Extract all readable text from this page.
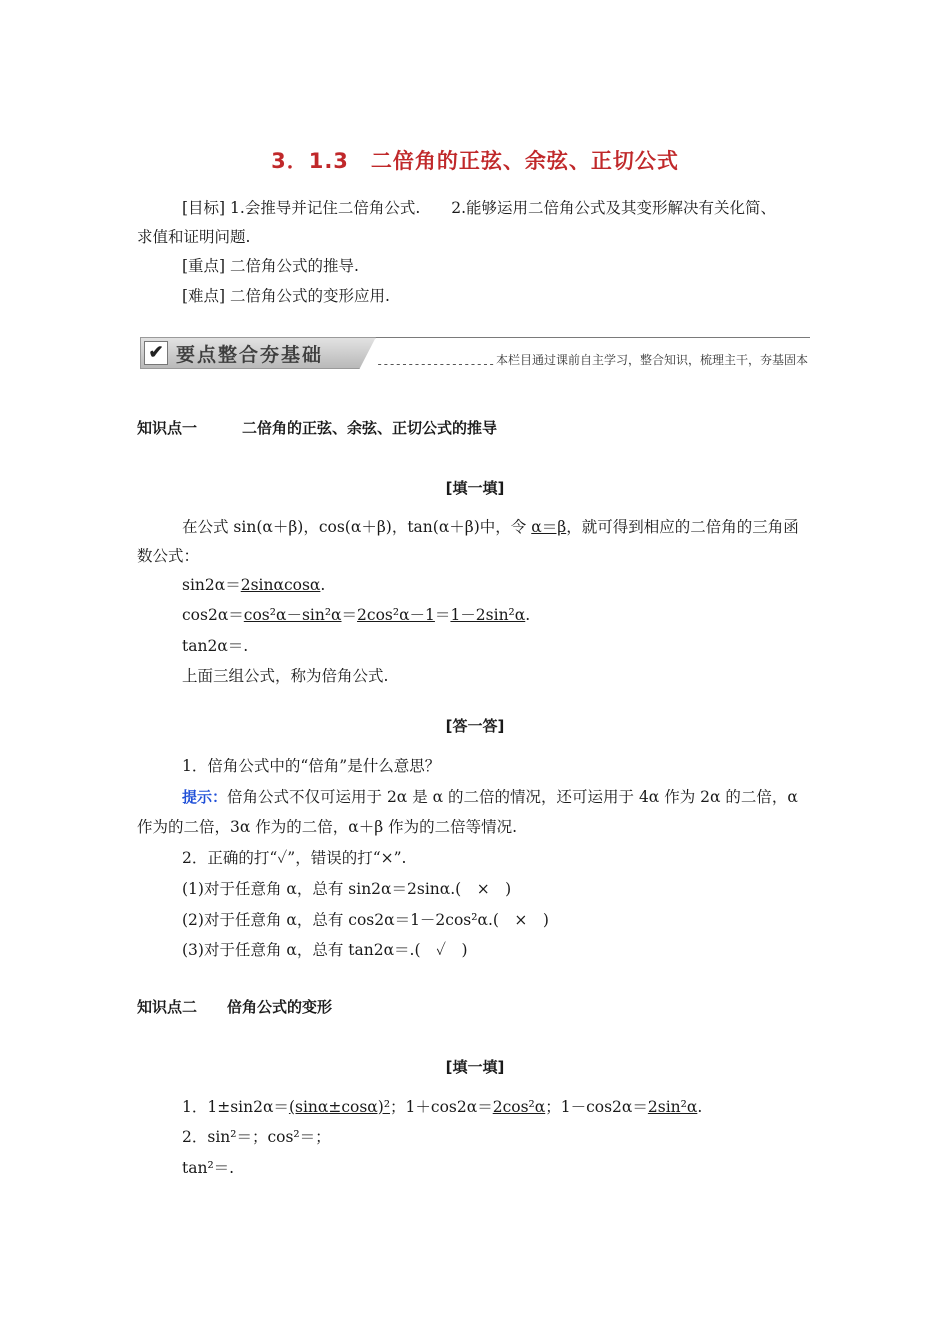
3．1.3　二倍角的正弦、余弦、正切公式
[目标] 1.会推导并记住二倍角公式.　　2.能够运用二倍角公式及其变形解决有关化简、
求值和证明问题.
[重点] 二倍角公式的推导.
[难点] 二倍角公式的变形应用.
✔ 要点整合夯基础	------------------- 本栏目通过课前自主学习，整合知识，梳理主干，夯基固本
知识点一　　　二倍角的正弦、余弦、正切公式的推导
[填一填]
在公式 sin(α＋β)，cos(α＋β)，tan(α＋β)中，令 α＝β，就可得到相应的二倍角的三角函
数公式：
sin2α＝2sinαcosα.
cos2α＝cos²α－sin²α＝2cos²α－1＝1－2sin²α.
tan2α＝.
上面三组公式，称为倍角公式.
[答一答]
1．倍角公式中的“倍角”是什么意思？
提示：倍角公式不仅可运用于 2α 是 α 的二倍的情况，还可运用于 4α 作为 2α 的二倍，α
作为的二倍，3α 作为的二倍，α＋β 作为的二倍等情况.
2．正确的打“✓”，错误的打“×”.
(1)对于任意角 α，总有 sin2α＝2sinα.(　×　)
(2)对于任意角 α，总有 cos2α＝1－2cos²α.(　×　)
(3)对于任意角 α，总有 tan2α＝.(　✓　)
知识点二　　倍角公式的变形
[填一填]
1．1±sin2α＝(sinα±cosα)²；1＋cos2α＝2cos²α；1－cos2α＝2sin²α.
2．sin²＝；cos²＝；
tan²＝.
